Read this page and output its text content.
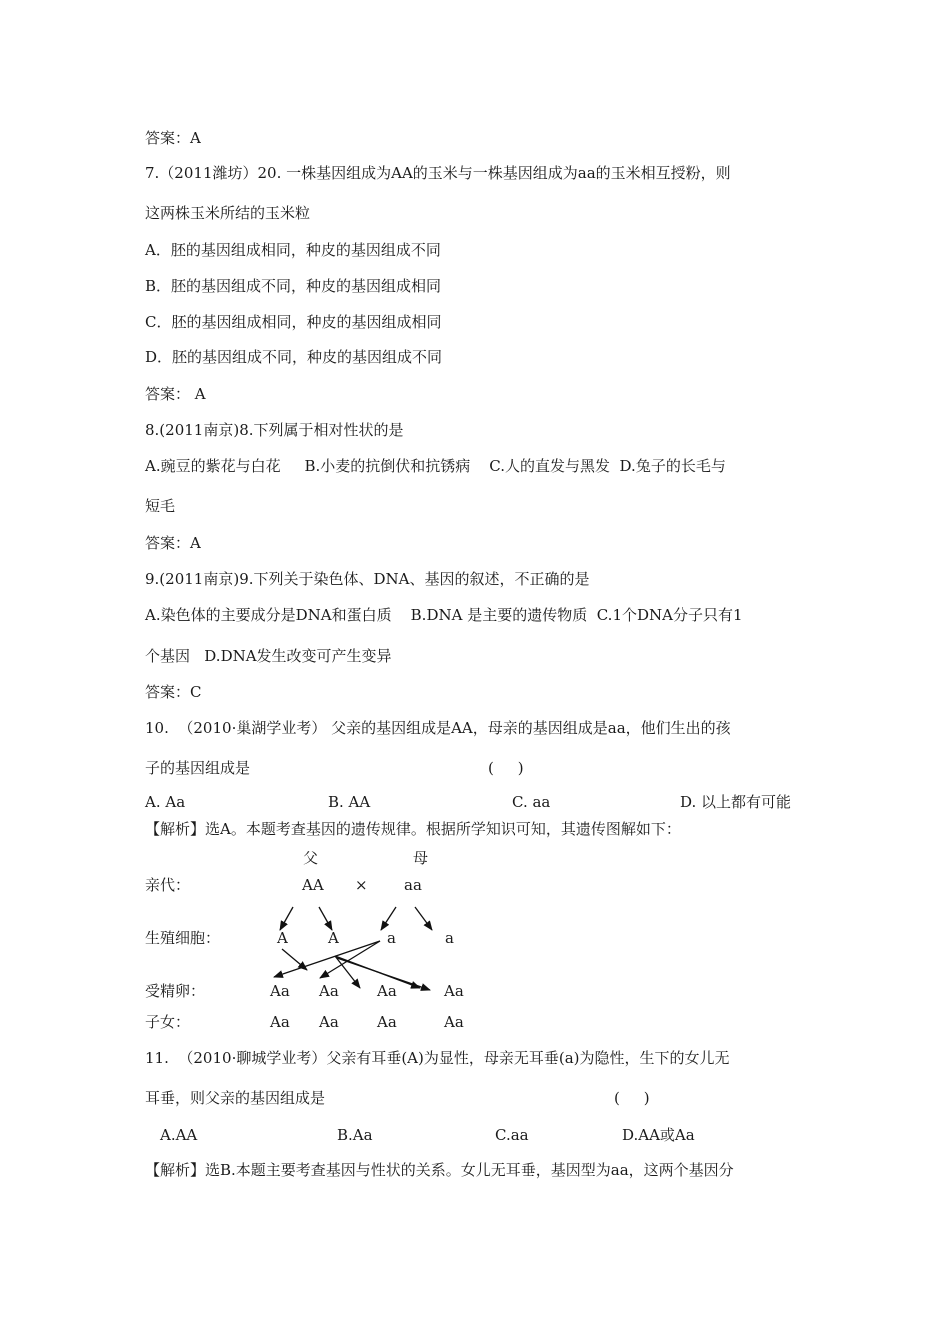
答案：A
7.（2011潍坊）20. 一株基因组成为AA的玉米与一株基因组成为aa的玉米相互授粉，则
这两株玉米所结的玉米粒
A．胚的基因组成相同，种皮的基因组成不同
B．胚的基因组成不同，种皮的基因组成相同
C．胚的基因组成相同，种皮的基因组成相同
D．胚的基因组成不同，种皮的基因组成不同
答案： A
8.(2011南京)8.下列属于相对性状的是
A.豌豆的紫花与白花     B.小麦的抗倒伏和抗锈病    C.人的直发与黑发  D.兔子的长毛与
短毛
答案：A
9.(2011南京)9.下列关于染色体、DNA、基因的叙述，不正确的是
A.染色体的主要成分是DNA和蛋白质    B.DNA 是主要的遗传物质  C.1个DNA分子只有1
个基因   D.DNA发生改变可产生变异
答案：C
10.  （2010·巢湖学业考） 父亲的基因组成是AA，母亲的基因组成是aa，他们生出的孩
子的基因组成是	(     )
A. Aa	B. AA	C. aa	D. 以上都有可能
【解析】选A。本题考查基因的遗传规律。根据所学知识可知，其遗传图解如下：
父	母
亲代：	AA × aa
生殖细胞：	A	A	a	a
受精卵：	Aa Aa	Aa	Aa
子女：	Aa Aa	Aa	Aa
11.  （2010·聊城学业考）父亲有耳垂(A)为显性，母亲无耳垂(a)为隐性，生下的女儿无
耳垂，则父亲的基因组成是	(     )
A.AA	B.Aa	C.aa	D.AA或Aa
【解析】选B.本题主要考查基因与性状的关系。女儿无耳垂，基因型为aa，这两个基因分
